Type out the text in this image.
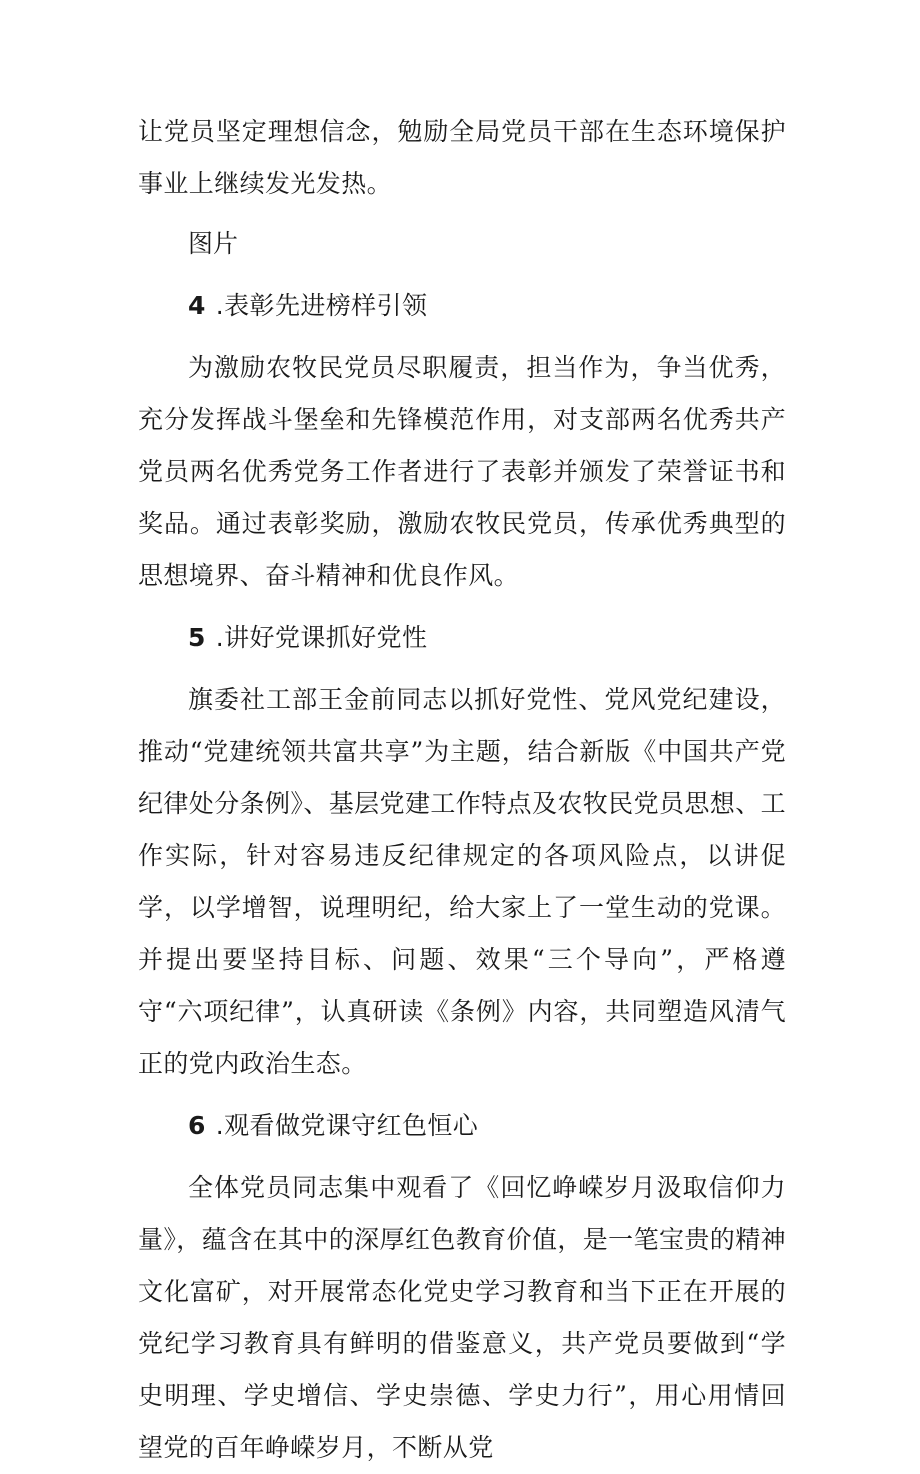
让党员坚定理想信念，勉励全局党员干部在生态环境保护事业上继续发光发热。

图片

4 .表彰先进榜样引领

为激励农牧民党员尽职履责，担当作为，争当优秀，充分发挥战斗堡垒和先锋模范作用，对支部两名优秀共产党员两名优秀党务工作者进行了表彰并颁发了荣誉证书和奖品。通过表彰奖励，激励农牧民党员，传承优秀典型的思想境界、奋斗精神和优良作风。

5 .讲好党课抓好党性

旗委社工部王金前同志以抓好党性、党风党纪建设，推动“党建统领共富共享”为主题，结合新版《中国共产党纪律处分条例》、基层党建工作特点及农牧民党员思想、工作实际，针对容易违反纪律规定的各项风险点，以讲促学，以学增智，说理明纪，给大家上了一堂生动的党课。并提出要坚持目标、问题、效果“三个导向”，严格遵守“六项纪律”，认真研读《条例》内容，共同塑造风清气正的党内政治生态。

6 .观看做党课守红色恒心

全体党员同志集中观看了《回忆峥嵘岁月汲取信仰力量》，蕴含在其中的深厚红色教育价值，是一笔宝贵的精神文化富矿，对开展常态化党史学习教育和当下正在开展的党纪学习教育具有鲜明的借鉴意义，共产党员要做到“学史明理、学史增信、学史崇德、学史力行”，用心用情回望党的百年峥嵘岁月，不断从党
